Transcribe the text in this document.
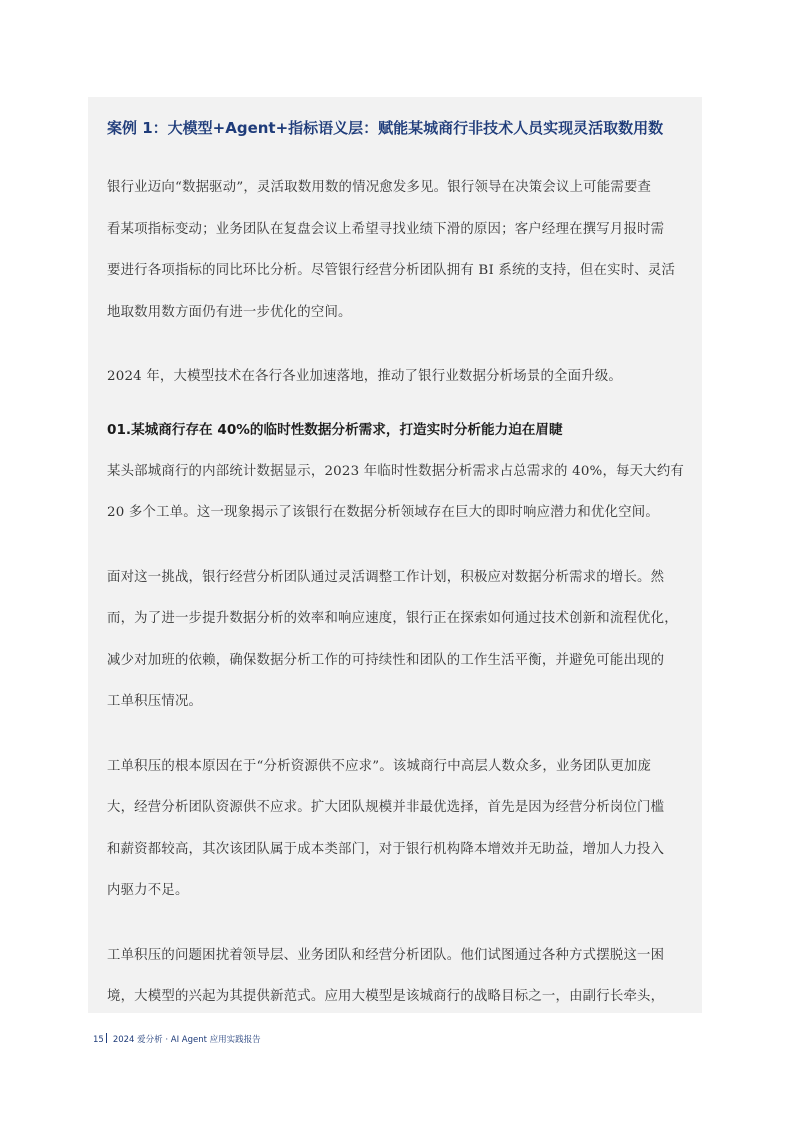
案例 1：大模型+Agent+指标语义层：赋能某城商行非技术人员实现灵活取数用数

银行业迈向“数据驱动”，灵活取数用数的情况愈发多见。银行领导在决策会议上可能需要查
看某项指标变动；业务团队在复盘会议上希望寻找业绩下滑的原因；客户经理在撰写月报时需
要进行各项指标的同比环比分析。尽管银行经营分析团队拥有 BI 系统的支持，但在实时、灵活
地取数用数方面仍有进一步优化的空间。

2024 年，大模型技术在各行各业加速落地，推动了银行业数据分析场景的全面升级。

01.某城商行存在 40%的临时性数据分析需求，打造实时分析能力迫在眉睫

某头部城商行的内部统计数据显示，2023 年临时性数据分析需求占总需求的 40%，每天大约有
20 多个工单。这一现象揭示了该银行在数据分析领域存在巨大的即时响应潜力和优化空间。

面对这一挑战，银行经营分析团队通过灵活调整工作计划，积极应对数据分析需求的增长。然
而，为了进一步提升数据分析的效率和响应速度，银行正在探索如何通过技术创新和流程优化，
减少对加班的依赖，确保数据分析工作的可持续性和团队的工作生活平衡，并避免可能出现的
工单积压情况。

工单积压的根本原因在于“分析资源供不应求”。该城商行中高层人数众多，业务团队更加庞
大，经营分析团队资源供不应求。扩大团队规模并非最优选择，首先是因为经营分析岗位门槛
和薪资都较高，其次该团队属于成本类部门，对于银行机构降本增效并无助益，增加人力投入
内驱力不足。

工单积压的问题困扰着领导层、业务团队和经营分析团队。他们试图通过各种方式摆脱这一困
境，大模型的兴起为其提供新范式。应用大模型是该城商行的战略目标之一，由副行长牵头，

15 2024 爱分析 · AI Agent 应用实践报告
